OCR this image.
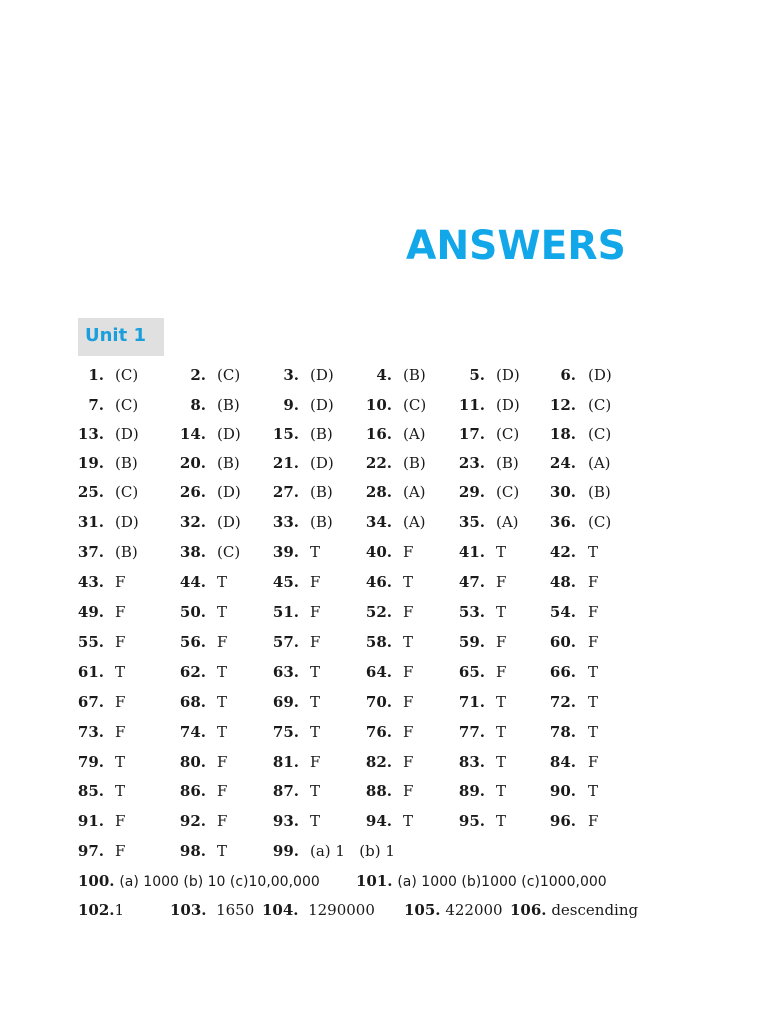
ANSWERS
Unit 1
1. (C)	2. (C)	3. (D)	4. (B)	5. (D)	6. (D)
7. (C)	8. (B)	9. (D) 10. (C) 11. (D) 12. (C)
13. (D)	14. (D) 15. (B) 16. (A) 17. (C) 18. (C)
19. (B)	20. (B) 21. (D) 22. (B) 23. (B) 24. (A)
25. (C)	26. (D) 27. (B) 28. (A) 29. (C) 30. (B)
31. (D)	32. (D) 33. (B) 34. (A) 35. (A) 36. (C)
37. (B)	38. (C) 39. T	40. F	41. T	42. T
43. F	44. T	45. F	46. T	47. F	48. F
49. F	50. T	51. F	52. F	53. T	54. F
55. F	56. F	57. F	58. T	59. F	60. F
61. T	62. T	63. T	64. F	65. F	66. T
67. F	68. T	69. T	70. F	71. T	72. T
73. F	74. T	75. T	76. F	77. T	78. T
79. T	80. F	81. F	82. F	83. T	84. F
85. T	86. F	87. T	88. F	89. T	90. T
91. F	92. F	93. T	94. T	95. T	96. F
97. F	98. T	99. (a) 1   (b) 1
100. (a) 1000 (b) 10 (c)10,00,000 101. (a) 1000 (b)1000 (c)1000,000
102.1	103. 1650 104. 1290000 105. 422000 106. descending
